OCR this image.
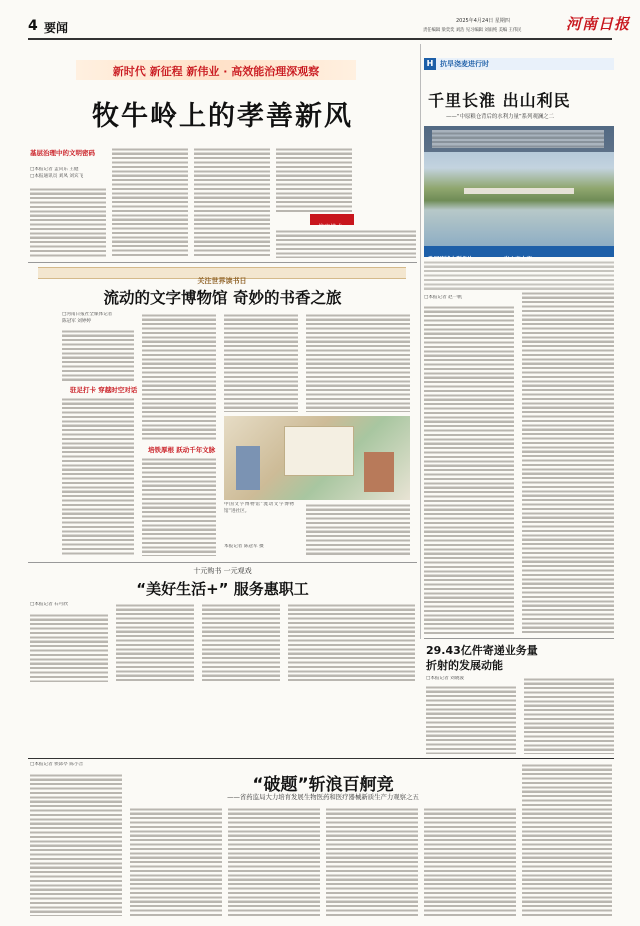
4 要闻	2025年4月24日 星期四
责任编辑 梁奕奕 刘浩 见习编辑 刘雨纯 美编 王伟民	河南日报
新时代 新征程 新伟业 · 高效能治理深观察
牧牛岭上的孝善新风
基层治理中的文明密码
□本报记者 孟向东 王健
□本报通讯员 刘凤 刘宾飞
H 抗旱浇麦进行时
千里长淮 出山利民
——“中原粮仓背后的水利力量”系列观澜之二
□本报记者 赵一帆
关注世界读书日
流动的文字博物馆 奇妙的书香之旅
□河南日报社全媒体记者
陈冠军 刘婷婷
驻足打卡 穿越时空对话
培铁厚根 跃动千年文脉
中国文字博物馆“流动文字博物馆”进社区。
本报记者 陈冠军 摄
十元购书 一元观戏
“美好生活+” 服务惠职工
□本报记者 石可欣
29.43亿件寄递业务量
折射的发展动能
□本报记者 刘晓波
□本报记者 侯邱亭 陈小音
“破题”斩浪百舸竞
——省药监局大力培育发展生物医药和医疗器械新质生产力观察之五
